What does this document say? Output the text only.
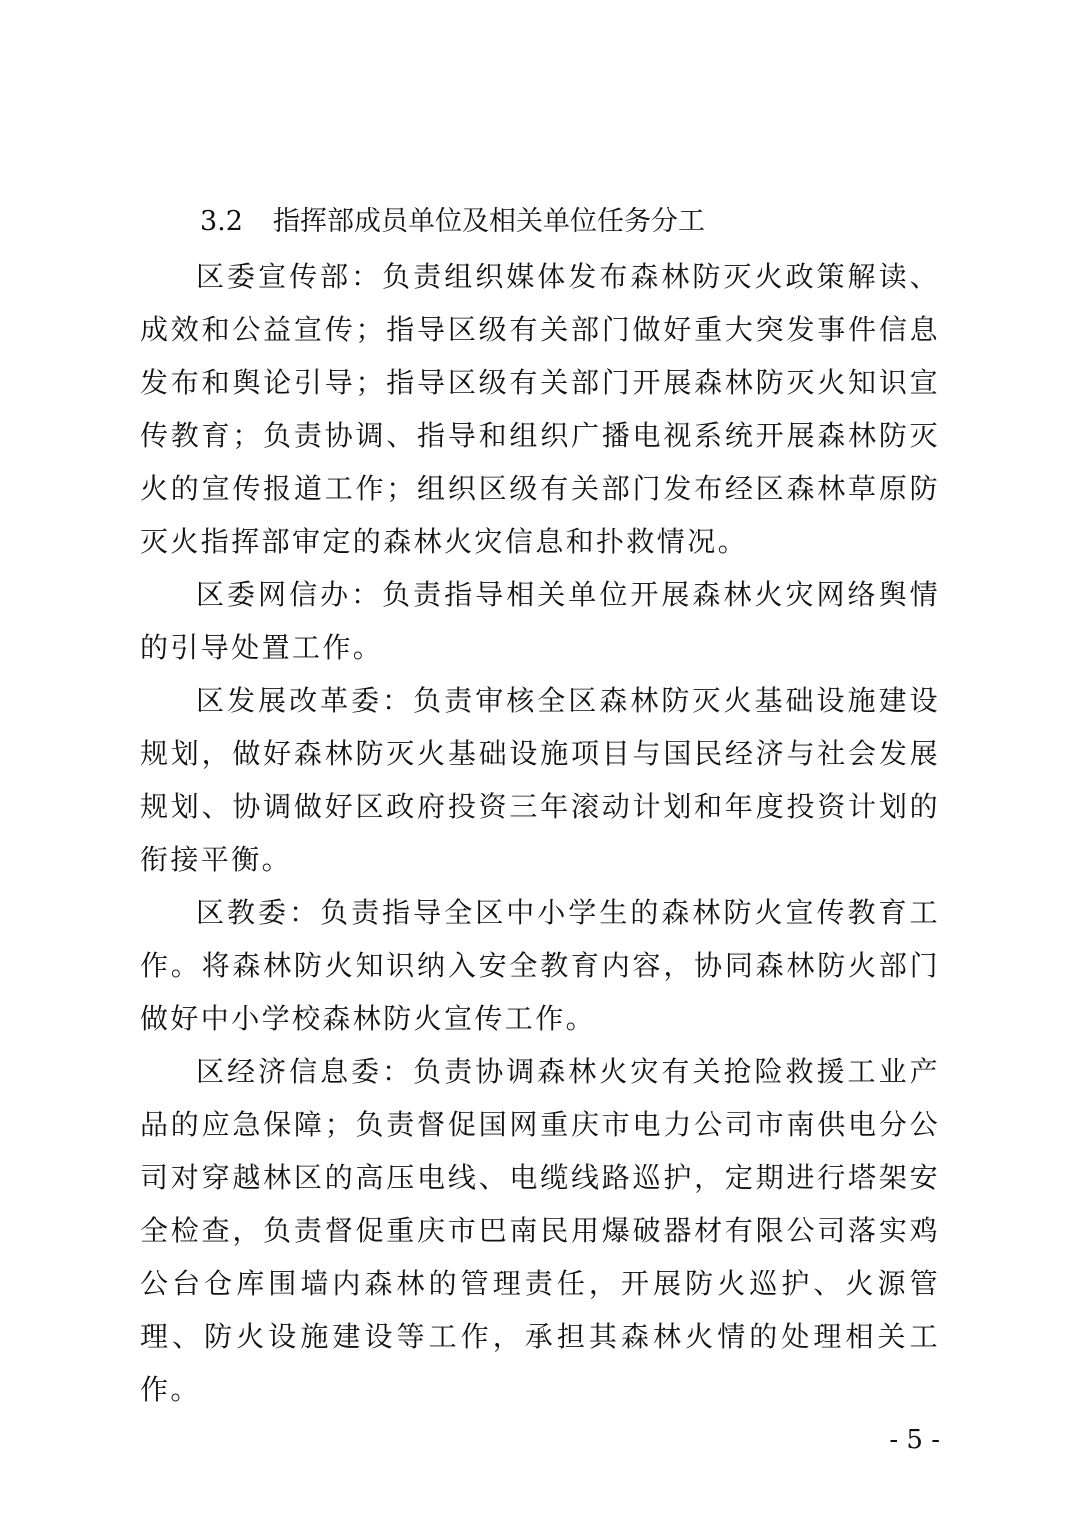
3.2 指挥部成员单位及相关单位任务分工

区委宣传部：负责组织媒体发布森林防灭火政策解读、成效和公益宣传；指导区级有关部门做好重大突发事件信息发布和舆论引导；指导区级有关部门开展森林防灭火知识宣传教育；负责协调、指导和组织广播电视系统开展森林防灭火的宣传报道工作；组织区级有关部门发布经区森林草原防灭火指挥部审定的森林火灾信息和扑救情况。

区委网信办：负责指导相关单位开展森林火灾网络舆情的引导处置工作。

区发展改革委：负责审核全区森林防灭火基础设施建设规划，做好森林防灭火基础设施项目与国民经济与社会发展规划、协调做好区政府投资三年滚动计划和年度投资计划的衔接平衡。

区教委：负责指导全区中小学生的森林防火宣传教育工作。将森林防火知识纳入安全教育内容，协同森林防火部门做好中小学校森林防火宣传工作。

区经济信息委：负责协调森林火灾有关抢险救援工业产品的应急保障；负责督促国网重庆市电力公司市南供电分公司对穿越林区的高压电线、电缆线路巡护，定期进行塔架安全检查，负责督促重庆市巴南民用爆破器材有限公司落实鸡公台仓库围墙内森林的管理责任，开展防火巡护、火源管理、防火设施建设等工作，承担其森林火情的处理相关工作。

- 5 -
